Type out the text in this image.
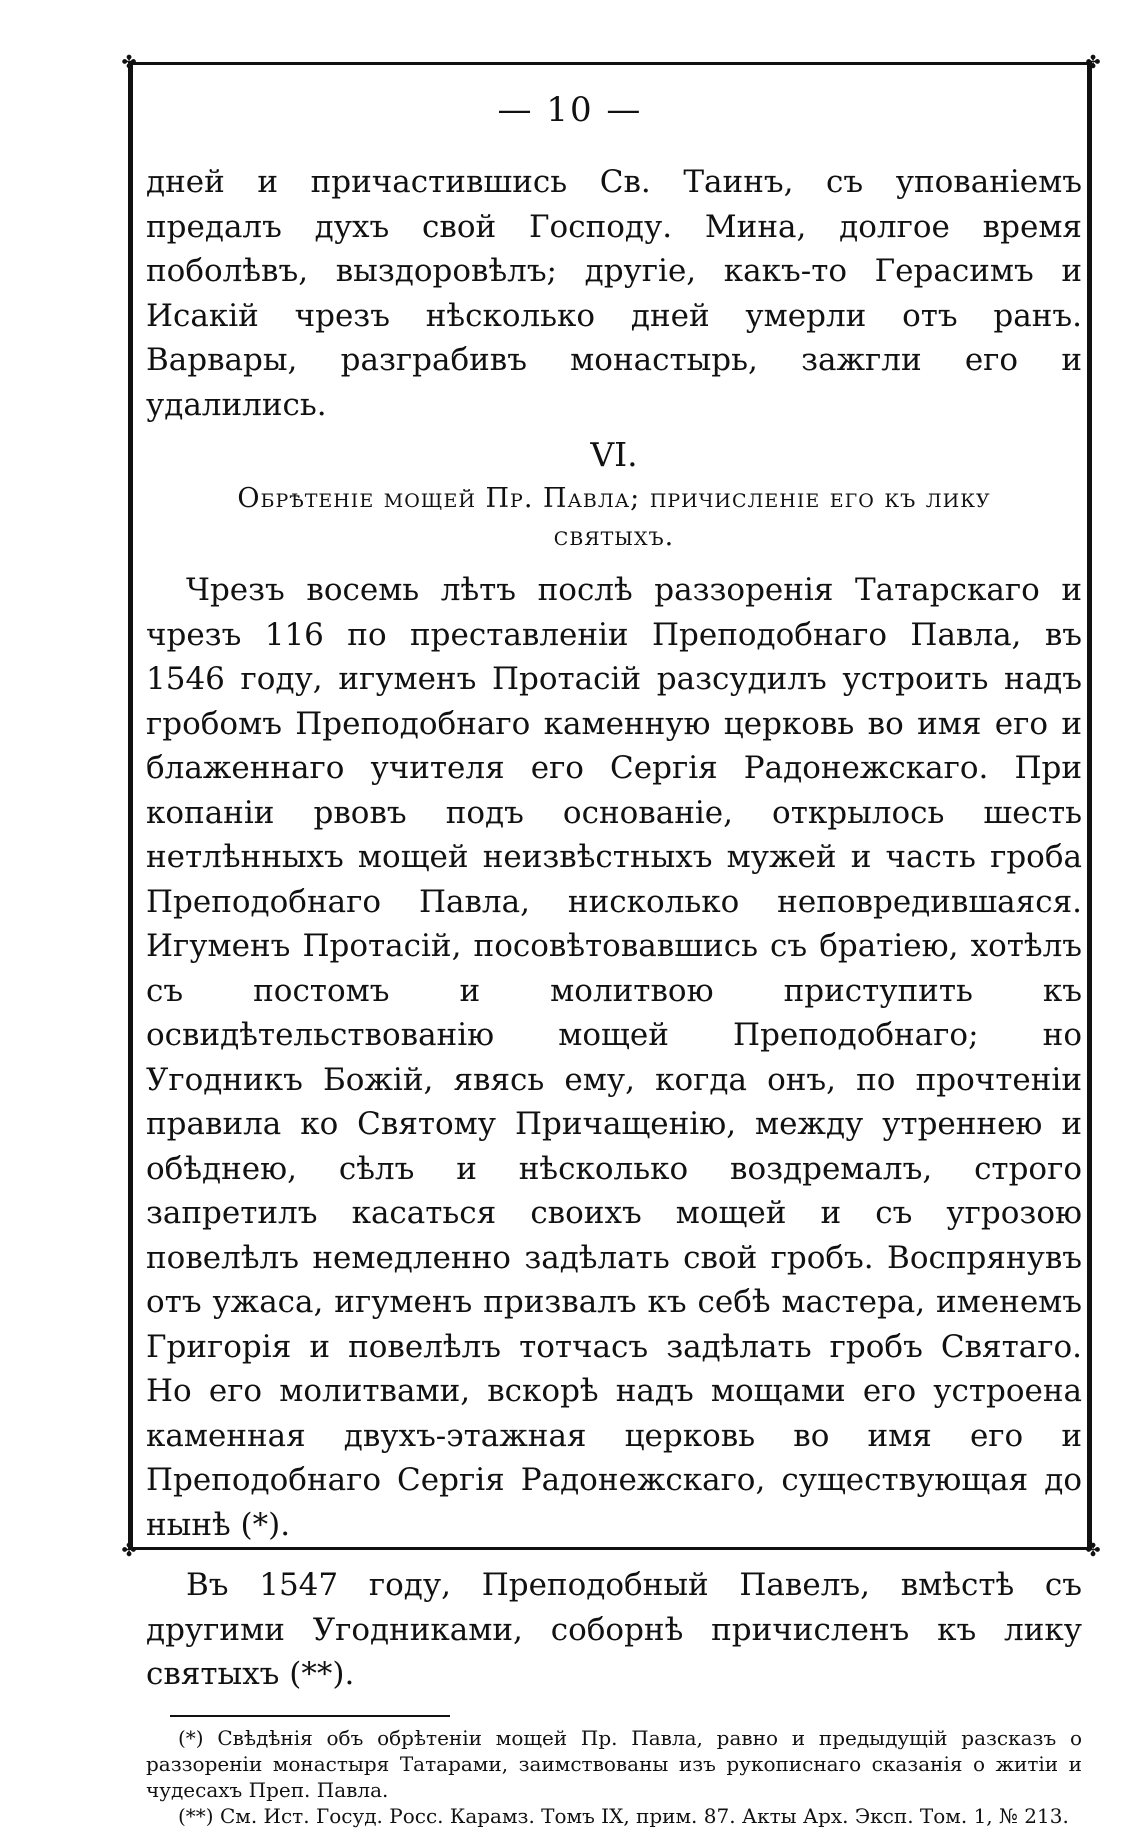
✤	✤
✤	✤
— 10 —

дней и причастившись Св. Таинъ, съ упованіемъ предалъ духъ свой Господу. Мина, долгое время поболѣвъ, выздоровѣлъ; другіе, какъ-то Герасимъ и Исакій чрезъ нѣсколько дней умерли отъ ранъ. Варвары, разграбивъ монастырь, зажгли его и удалились.

VI.
Обрѣтеніе мощей Пр. Павла; причисленіе его къ лику святыхъ.

Чрезъ восемь лѣтъ послѣ раззоренія Татарскаго и чрезъ 116 по преставленіи Преподобнаго Павла, въ 1546 году, игуменъ Протасій разсудилъ устроить надъ гробомъ Преподобнаго каменную церковь во имя его и блаженнаго учителя его Сергія Радонежскаго. При копаніи рвовъ подъ основаніе, открылось шесть нетлѣнныхъ мощей неизвѣстныхъ мужей и часть гроба Преподобнаго Павла, нисколько неповредившаяся. Игуменъ Протасій, посовѣтовавшись съ братіею, хотѣлъ съ постомъ и молитвою приступить къ освидѣтельствованію мощей Преподобнаго; но Угодникъ Божій, явясь ему, когда онъ, по прочтеніи правила ко Святому Причащенію, между утреннею и обѣднею, сѣлъ и нѣсколько воздремалъ, строго запретилъ касаться своихъ мощей и съ угрозою повелѣлъ немедленно задѣлать свой гробъ. Воспрянувъ отъ ужаса, игуменъ призвалъ къ себѣ мастера, именемъ Григорія и повелѣлъ тотчасъ задѣлать гробъ Святаго. Но его молитвами, вскорѣ надъ мощами его устроена каменная двухъ-этажная церковь во имя его и Преподобнаго Сергія Радонежскаго, существующая до нынѣ (*).

Въ 1547 году, Преподобный Павелъ, вмѣстѣ съ другими Угодниками, соборнѣ причисленъ къ лику святыхъ (**).

(*) Свѣдѣнія объ обрѣтеніи мощей Пр. Павла, равно и предыдущій разсказъ о раззореніи монастыря Татарами, заимствованы изъ рукописнаго сказанія о житіи и чудесахъ Преп. Павла.

(**) См. Ист. Госуд. Росс. Карамз. Томъ IX, прим. 87. Акты Арх. Эксп. Том. 1, № 213.
